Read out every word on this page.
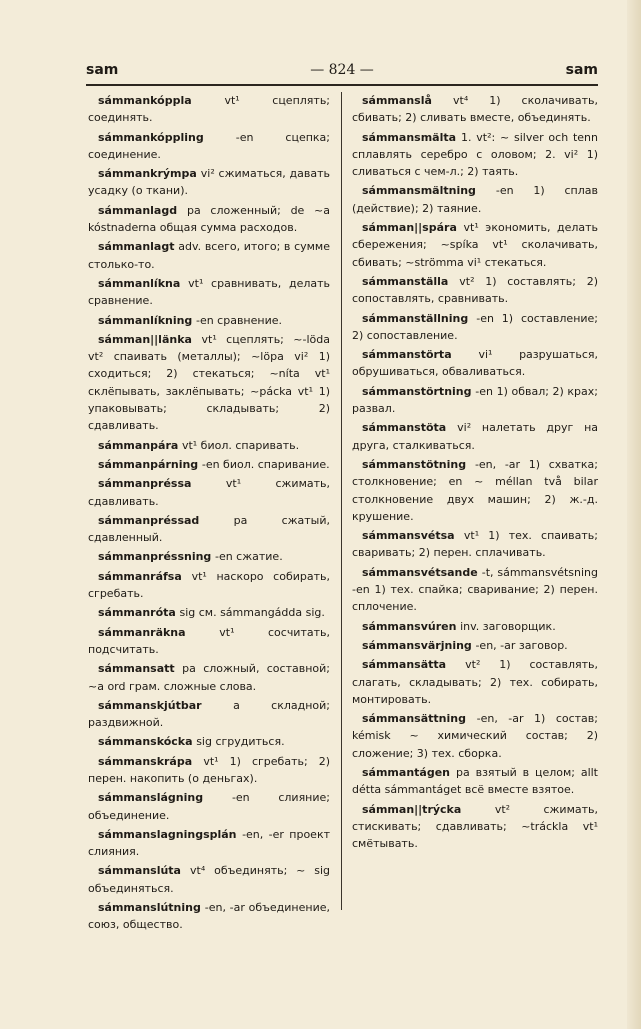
sam	— 824 —	sam

sámmankóppla	vt¹ сцеплять; соединять.

sámmankóppling	-en сцепка; соединение.

sámmankrýmpa vi² сжиматься, давать усадку (о ткани).

sámmanlagd pa сложенный; de ~a kóstnaderna общая сумма расходов.

sámmanlagt adv. всего, итого; в сумме столько-то.

sámmanlíkna vt¹ сравнивать, делать сравнение.

sámmanlíkning -en сравнение.

sámman||länka vt¹ сцеплять; ~-löda vt² спаивать (металлы); ~löpa vi² 1) сходиться; 2) стекаться; ~níta vt¹ склёпывать, заклёпывать; ~pácka vt¹ 1) упаковывать; складывать; 2) сдавливать.

sámmanpára vt¹ биол. спаривать.

sámmanpárning -en биол. спаривание.

sámmanpréssa	vt¹ сжимать, сдавливать.

sámmanpréssad	pa сжатый, сдавленный.

sámmanpréssning -en сжатие.

sámmanráfsa vt¹ наскоро собирать, сгребать.

sámmanróta sig см. sámmangádda sig.

sámmanräkna	vt¹ сосчитать, подсчитать.

sámmansatt pa сложный, составной; ~a ord грам. сложные слова.

sámmanskjútbar	a складной; раздвижной.

sámmanskócka sig сгрудиться.

sámmanskrápa vt¹ 1) сгребать; 2) перен. накопить (о деньгах).

sámmanslágning	-en слияние; объединение.

sámmanslagningsplán -en, -er проект слияния.

sámmanslúta vt⁴ объединять; ~ sig объединяться.

sámmanslútning -en, -ar объединение, союз, общество.

sámmanslå vt⁴ 1) сколачивать, сбивать; 2) сливать вместе, объединять.

sámmansmälta 1. vt²: ~ silver och tenn сплавлять серебро с оловом; 2. vi² 1) сливаться с чем-л.; 2) таять.

sámmansmältning -en 1) сплав (действие); 2) таяние.

sámman||spára vt¹ экономить, делать сбережения; ~spíka vt¹ сколачивать, сбивать; ~strömma vi¹ стекаться.

sámmanställa vt² 1) составлять; 2) сопоставлять, сравнивать.

sámmanställning -en 1) составление; 2) сопоставление.

sámmanstörta vi¹ разрушаться, обрушиваться, обваливаться.

sámmanstörtning -en 1) обвал; 2) крах; развал.

sámmanstöta vi² налетать друг на друга, сталкиваться.

sámmanstötning -en, -ar 1) схватка; столкновение; en ~ méllan två bilar столкновение двух машин; 2) ж.-д. крушение.

sámmansvétsa vt¹ 1) тех. спаивать; сваривать; 2) перен. сплачивать.

sámmansvétsande -t, sámmansvétsning -en 1) тех. спайка; сваривание; 2) перен. сплочение.

sámmansvúren inv. заговорщик.

sámmansvärjning -en, -ar заговор.

sámmansätta vt² 1) составлять, слагать, складывать; 2) тех. собирать, монтировать.

sámmansättning -en, -ar 1) состав; kémisk ~ химический состав; 2) сложение; 3) тех. сборка.

sámmantágen pa взятый в целом; allt détta sámmantáget всё вместе взятое.

sámman||trýcka	vt² сжимать, стискивать; сдавливать; ~tráckla vt¹ смётывать.
